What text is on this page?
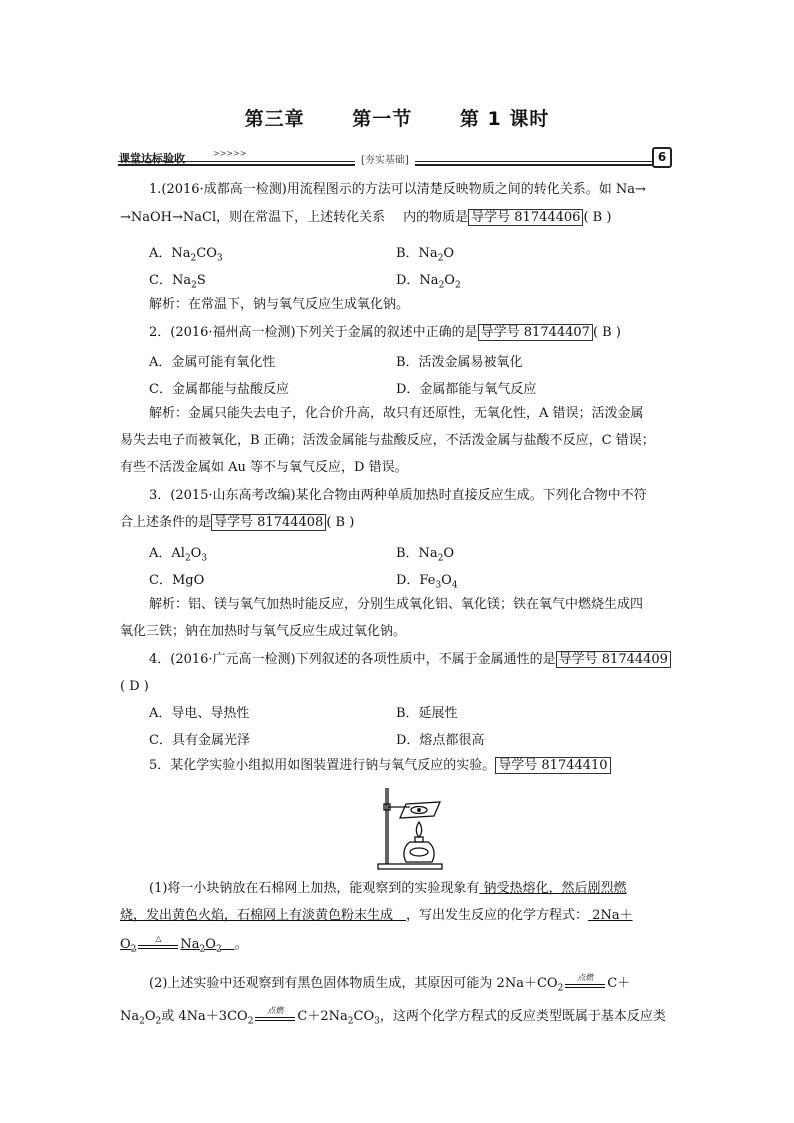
第三章	第一节	第 1 课时
课堂达标验收	>>>>>
[夯实基础]	6
1.(2016·成都高一检测)用流程图示的方法可以清楚反映物质之间的转化关系。如 Na→
→NaOH→NaCl，则在常温下，上述转化关系 内的物质是 导学号 81744406 ( B )
A．$Na_2CO_3$	B．$Na_2O$
C．$Na_2S$	D．$Na_2O_2$
解析：在常温下，钠与氧气反应生成氧化钠。
2．(2016·福州高一检测)下列关于金属的叙述中正确的是 导学号 81744407 ( B )
A．金属可能有氧化性	B．活泼金属易被氧化
C．金属都能与盐酸反应	D．金属都能与氧气反应
解析：金属只能失去电子，化合价升高，故只有还原性，无氧化性，A 错误；活泼金属
易失去电子而被氧化，B 正确；活泼金属能与盐酸反应，不活泼金属与盐酸不反应，C 错误；
有些不活泼金属如 Au 等不与氧气反应，D 错误。
3．(2015·山东高考改编)某化合物由两种单质加热时直接反应生成。下列化合物中不符
合上述条件的是 导学号 81744408 ( B )
A．$Al_2O_3$	B．$Na_2O$
C．MgO	D．$Fe_3O_4$
解析：铝、镁与氧气加热时能反应，分别生成氧化铝、氧化镁；铁在氧气中燃烧生成四
氧化三铁；钠在加热时与氧气反应生成过氧化钠。
4．(2016·广元高一检测)下列叙述的各项性质中，不属于金属通性的是 导学号 81744409
( D )
A．导电、导热性	B．延展性
C．具有金属光泽	D．熔点都很高
5．某化学实验小组拟用如图装置进行钠与氧气反应的实验。 导学号 81744410
(1)将一小块钠放在石棉网上加热，能观察到的实验现象有 钠受热熔化，然后剧烈燃
烧，发出黄色火焰，石棉网上有淡黄色粉末生成　 ，写出发生反应的化学方程式： 2Na＋
$O_2$
△	$Na_2O_2$　 。
(2)上述实验中还观察到有黑色固体物质生成，其原因可能为 $2Na+CO_2$
点燃	C＋
$Na_2O_2$或 $4Na+3CO_2$
点燃	$C+2Na_2CO_3$，这两个化学方程式的反应类型既属于基本反应类
